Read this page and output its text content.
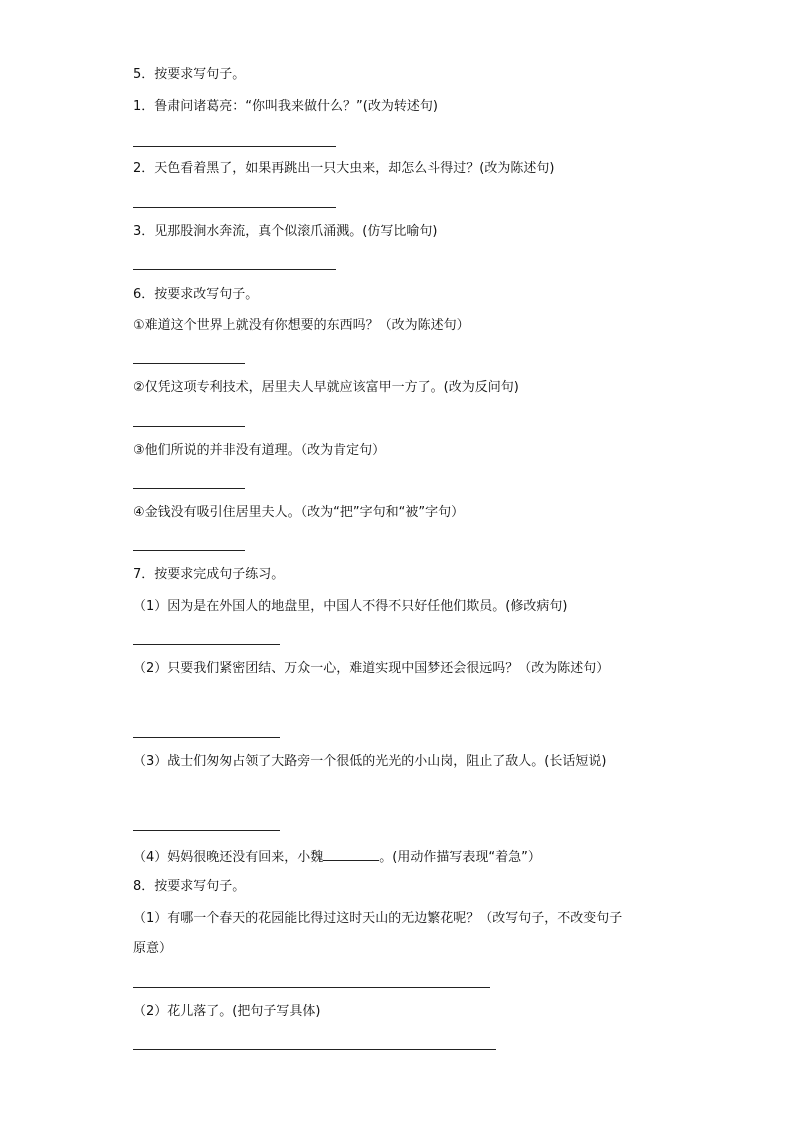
5．按要求写句子。
1．鲁肃问诸葛亮：“你叫我来做什么？”(改为转述句)
2．天色看着黑了，如果再跳出一只大虫来，却怎么斗得过？(改为陈述句)
3．见那股涧水奔流，真个似滚爪涌溅。(仿写比喻句)
6．按要求改写句子。
①难道这个世界上就没有你想要的东西吗？（改为陈述句）
②仅凭这项专利技术，居里夫人早就应该富甲一方了。(改为反问句)
③他们所说的并非没有道理。（改为肯定句）
④金钱没有吸引住居里夫人。（改为“把”字句和“被”字句）
7．按要求完成句子练习。
（1）因为是在外国人的地盘里，中国人不得不只好任他们欺员。(修改病句)
（2）只要我们紧密团结、万众一心，难道实现中国梦还会很远吗？（改为陈述句）
（3）战士们匆匆占领了大路旁一个很低的光光的小山岗，阻止了敌人。(长话短说)
（4）妈妈很晚还没有回来，小魏	。(用动作描写表现“着急”）
8．按要求写句子。
（1）有哪一个春天的花园能比得过这时天山的无边繁花呢？（改写句子，不改变句子
原意）
（2）花儿落了。(把句子写具体)
